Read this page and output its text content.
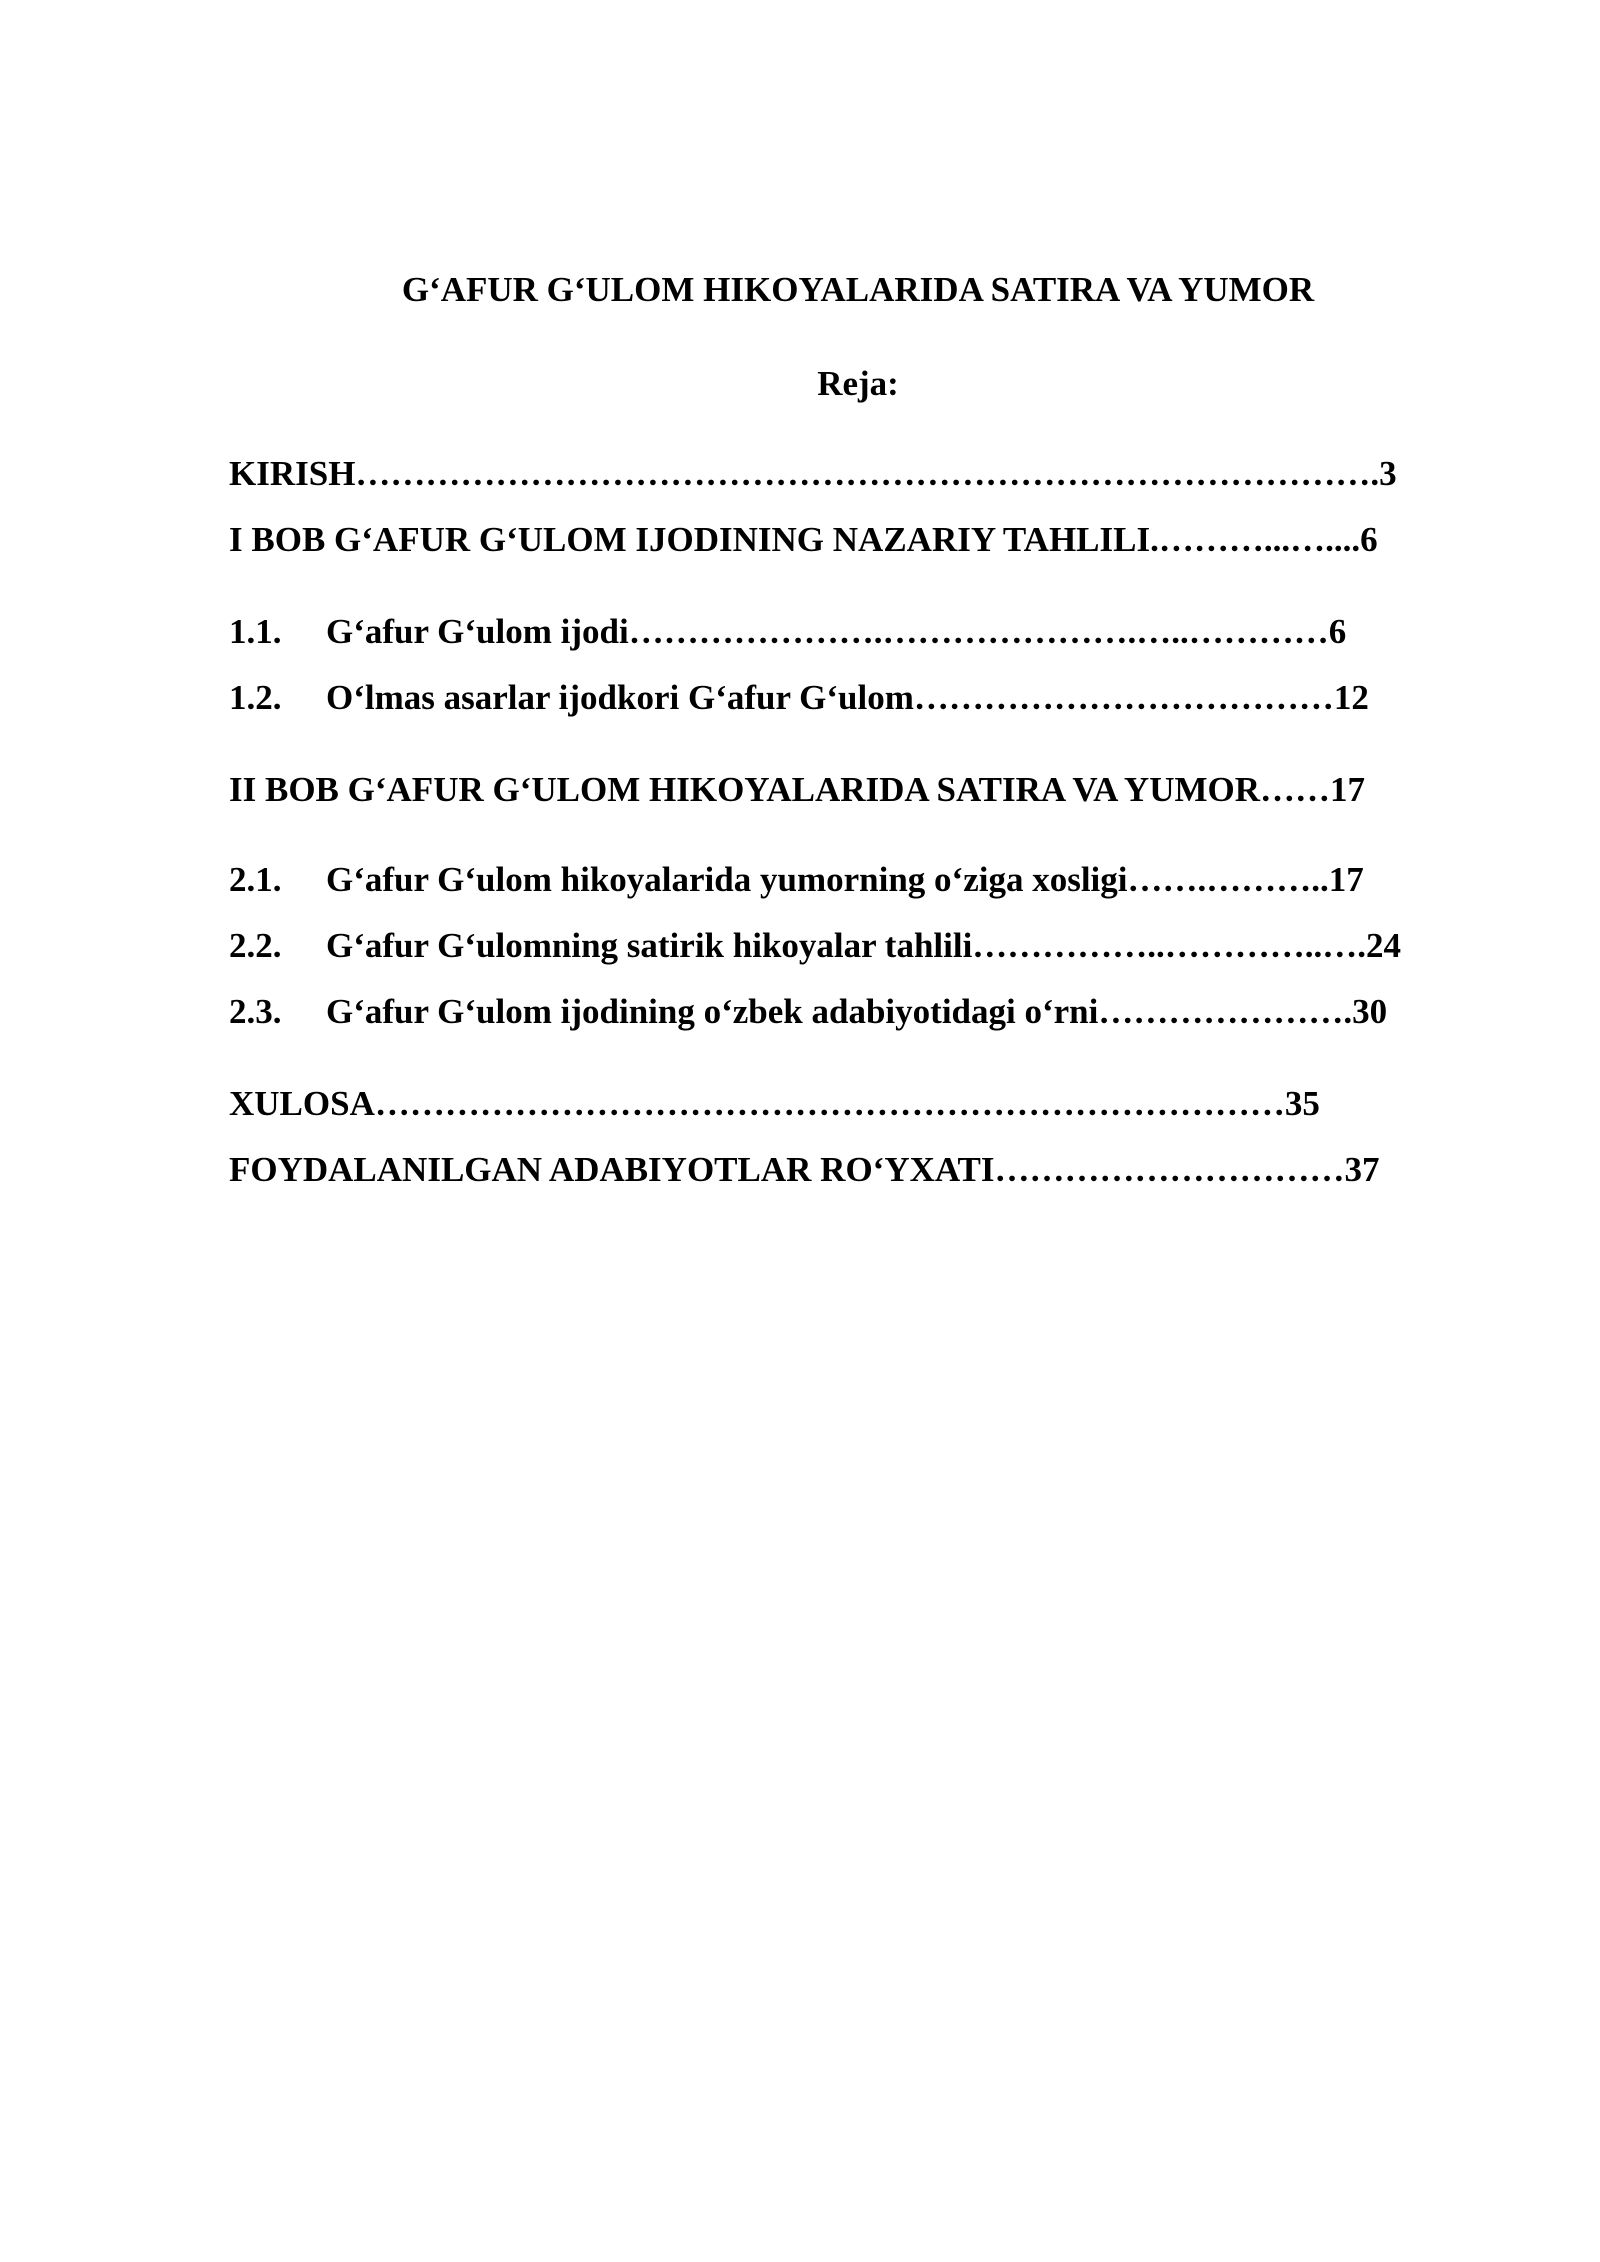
G‘AFUR G‘ULOM HIKOYALARIDA SATIRA VA YUMOR
Reja:
KIRISH…………………………………………………………………………….3
I BOB G‘AFUR G‘ULOM IJODINING NAZARIY TAHLILI.………...…....6
1.1. G‘afur G‘ulom ijodi………………….………………….…..…………6
1.2. O‘lmas asarlar ijodkori G‘afur G‘ulom………………………………12
II BOB G‘AFUR G‘ULOM HIKOYALARIDA SATIRA VA YUMOR……17
2.1. G‘afur G‘ulom hikoyalarida yumorning o‘ziga xosligi…….………..17
2.2. G‘afur G‘ulomning satirik hikoyalar tahlili……………..…………..….24
2.3. G‘afur G‘ulom ijodining o‘zbek adabiyotidagi o‘rni………………….30
XULOSA……………………………………………………………………35
FOYDALANILGAN ADABIYOTLAR RO‘YXATI…………………………37
